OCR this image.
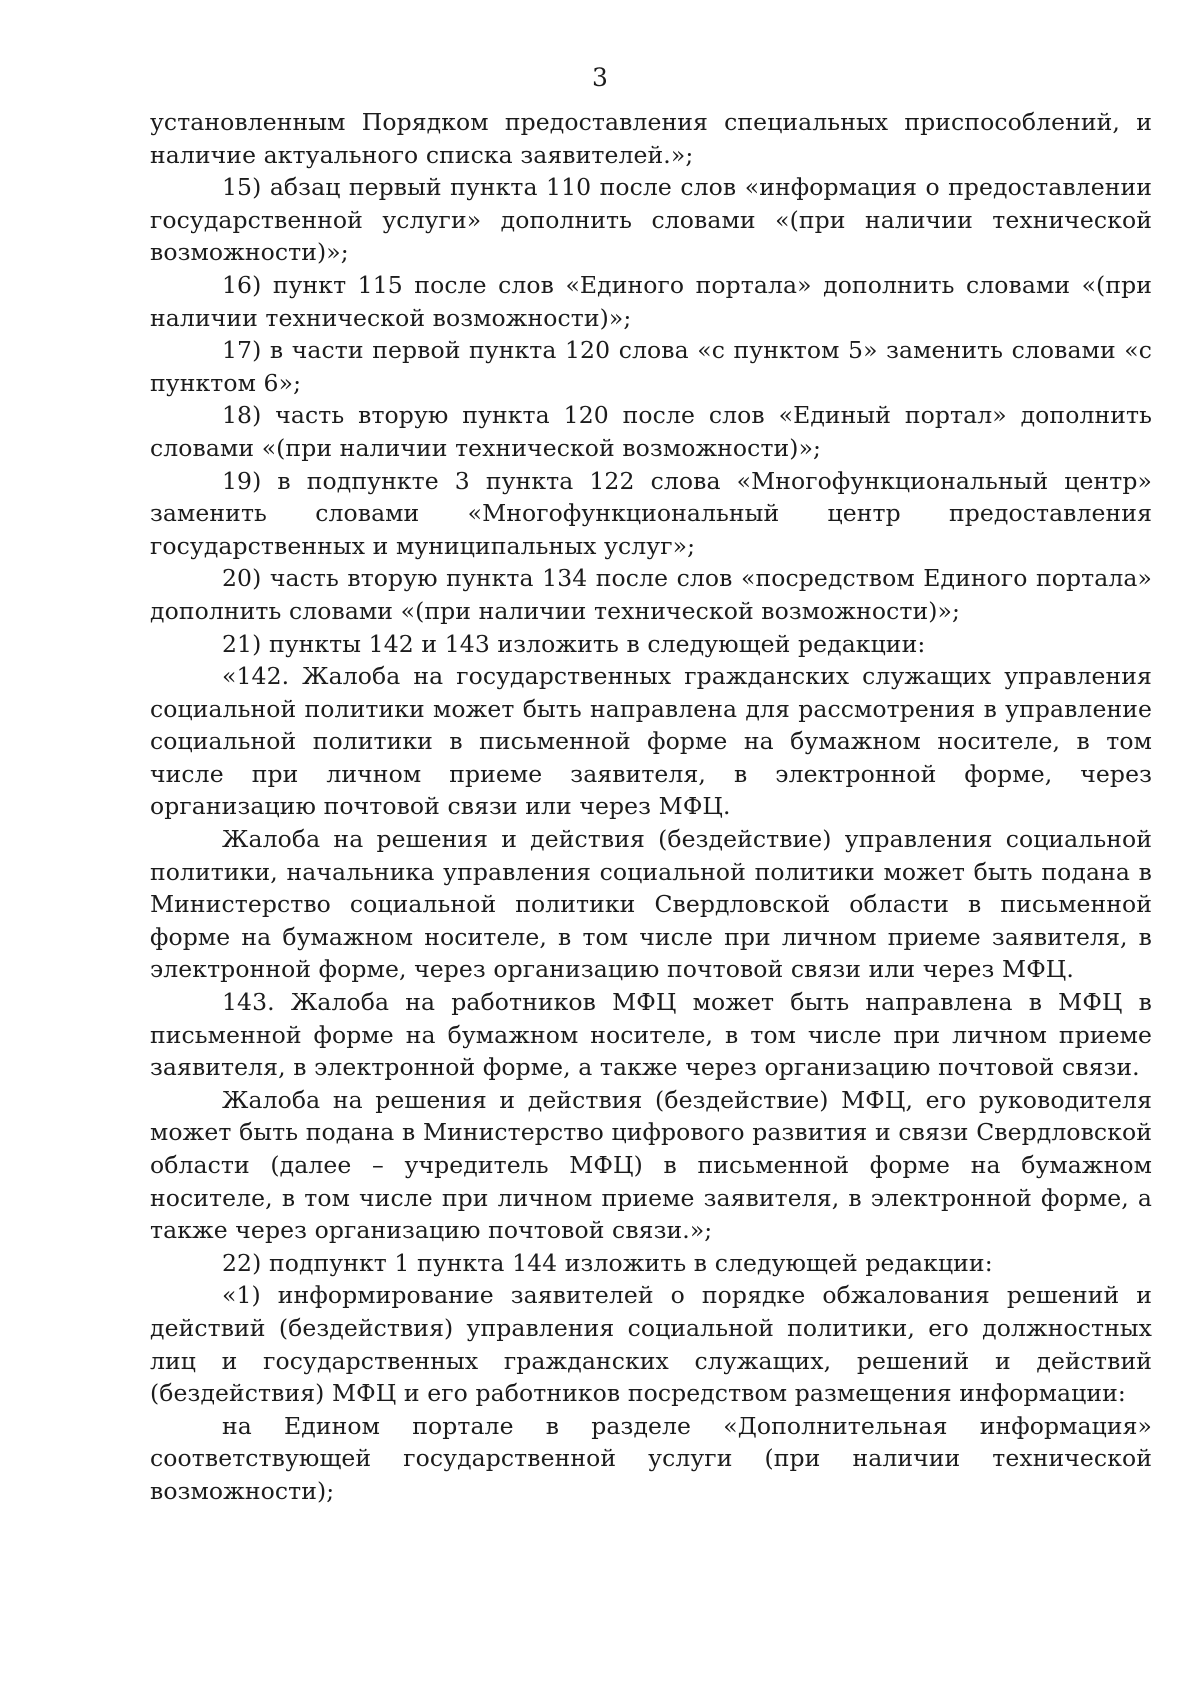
3

установленным Порядком предоставления специальных приспособлений, и наличие актуального списка заявителей.»;

15) абзац первый пункта 110 после слов «информация о предоставлении государственной услуги» дополнить словами «(при наличии технической возможности)»;

16) пункт 115 после слов «Единого портала» дополнить словами «(при наличии технической возможности)»;

17) в части первой пункта 120 слова «с пунктом 5» заменить словами «с пунктом 6»;

18) часть вторую пункта 120 после слов «Единый портал» дополнить словами «(при наличии технической возможности)»;

19) в подпункте 3 пункта 122 слова «Многофункциональный центр» заменить словами «Многофункциональный центр предоставления государственных и муниципальных услуг»;

20) часть вторую пункта 134 после слов «посредством Единого портала» дополнить словами «(при наличии технической возможности)»;

21) пункты 142 и 143 изложить в следующей редакции:

«142. Жалоба на государственных гражданских служащих управления социальной политики может быть направлена для рассмотрения в управление социальной политики в письменной форме на бумажном носителе, в том числе при личном приеме заявителя, в электронной форме, через организацию почтовой связи или через МФЦ.

Жалоба на решения и действия (бездействие) управления социальной политики, начальника управления социальной политики может быть подана в Министерство социальной политики Свердловской области в письменной форме на бумажном носителе, в том числе при личном приеме заявителя, в электронной форме, через организацию почтовой связи или через МФЦ.

143. Жалоба на работников МФЦ может быть направлена в МФЦ в письменной форме на бумажном носителе, в том числе при личном приеме заявителя, в электронной форме, а также через организацию почтовой связи.

Жалоба на решения и действия (бездействие) МФЦ, его руководителя может быть подана в Министерство цифрового развития и связи Свердловской области (далее – учредитель МФЦ) в письменной форме на бумажном носителе, в том числе при личном приеме заявителя, в электронной форме, а также через организацию почтовой связи.»;

22) подпункт 1 пункта 144 изложить в следующей редакции:

«1) информирование заявителей о порядке обжалования решений и действий (бездействия) управления социальной политики, его должностных лиц и государственных гражданских служащих, решений и действий (бездействия) МФЦ и его работников посредством размещения информации:

на Едином портале в разделе «Дополнительная информация» соответствующей государственной услуги (при наличии технической возможности);
